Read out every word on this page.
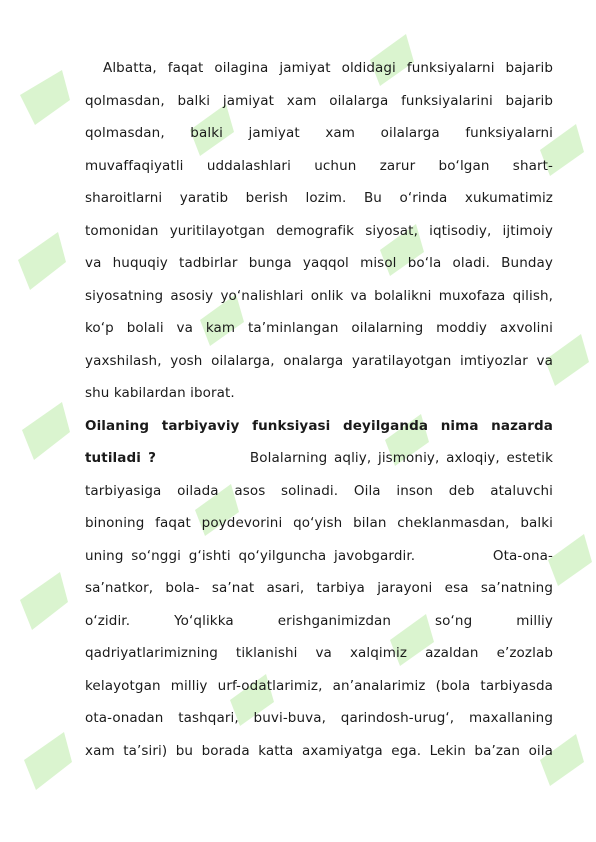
Albatta, faqat oilagina jamiyat oldidagi funksiyalarni bajarib
qolmasdan, balki jamiyat xam oilalarga funksiyalarini bajarib
qolmasdan, balki jamiyat xam oilalarga funksiyalarni
muvaffaqiyatli uddalashlari uchun zarur bo‘lgan shart-
sharoitlarni yaratib berish lozim. Bu o‘rinda xukumatimiz
tomonidan yuritilayotgan demografik siyosat, iqtisodiy, ijtimoiy
va huquqiy tadbirlar bunga yaqqol misol bo‘la oladi. Bunday
siyosatning asosiy yo‘nalishlari onlik va bolalikni muxofaza qilish,
ko‘p bolali va kam ta’minlangan oilalarning moddiy axvolini
yaxshilash, yosh oilalarga, onalarga yaratilayotgan imtiyozlar va
shu kabilardan iborat.
Oilaning tarbiyaviy funksiyasi deyilganda nima nazarda
tutiladi ?	Bolalarning aqliy, jismoniy, axloqiy, estetik
tarbiyasiga oilada asos solinadi. Oila inson deb ataluvchi
binoning faqat poydevorini qo‘yish bilan cheklanmasdan, balki
uning so‘nggi g‘ishti qo‘yilguncha javobgardir.          Ota-ona-
sa’natkor, bola- sa’nat asari, tarbiya jarayoni esa sa’natning
o‘zidir. Yo‘qlikka erishganimizdan so‘ng milliy
qadriyatlarimizning tiklanishi va xalqimiz azaldan e’zozlab
kelayotgan milliy urf-odatlarimiz, an’analarimiz (bola tarbiyasda
ota-onadan tashqari, buvi-buva, qarindosh-urug‘, maxallaning
xam ta’siri) bu borada katta axamiyatga ega. Lekin ba’zan oila
